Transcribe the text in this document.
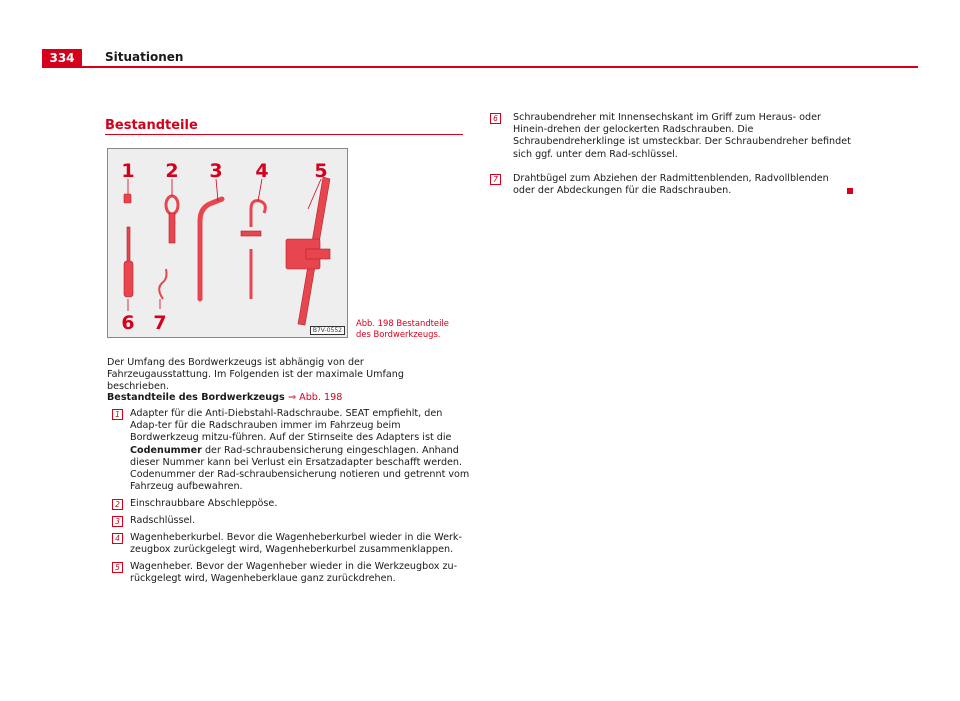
334	Situationen
Bestandteile
1 2 3 4 5
6 7	B7V-0552
Abb. 198 Bestandteile des Bordwerkzeugs.
Der Umfang des Bordwerkzeugs ist abhängig von der Fahrzeugausstattung. Im Folgenden ist der maximale Umfang beschrieben.
Bestandteile des Bordwerkzeugs ⇒ Abb. 198
1	Adapter für die Anti-Diebstahl-Radschraube. SEAT empfiehlt, den Adap-ter für die Radschrauben immer im Fahrzeug beim Bordwerkzeug mitzu-führen. Auf der Stirnseite des Adapters ist die Codenummer der Rad-schraubensicherung eingeschlagen. Anhand dieser Nummer kann bei Verlust ein Ersatzadapter beschafft werden. Codenummer der Rad-schraubensicherung notieren und getrennt vom Fahrzeug aufbewahren.
2	Einschraubbare Abschleppöse.
3	Radschlüssel.
4	Wagenheberkurbel. Bevor die Wagenheberkurbel wieder in die Werk-zeugbox zurückgelegt wird, Wagenheberkurbel zusammenklappen.
5	Wagenheber. Bevor der Wagenheber wieder in die Werkzeugbox zu-rückgelegt wird, Wagenheberklaue ganz zurückdrehen.
6	Schraubendreher mit Innensechskant im Griff zum Heraus- oder Hinein-drehen der gelockerten Radschrauben. Die Schraubendreherklinge ist umsteckbar. Der Schraubendreher befindet sich ggf. unter dem Rad-schlüssel.
7	Drahtbügel zum Abziehen der Radmittenblenden, Radvollblenden oder der Abdeckungen für die Radschrauben.
